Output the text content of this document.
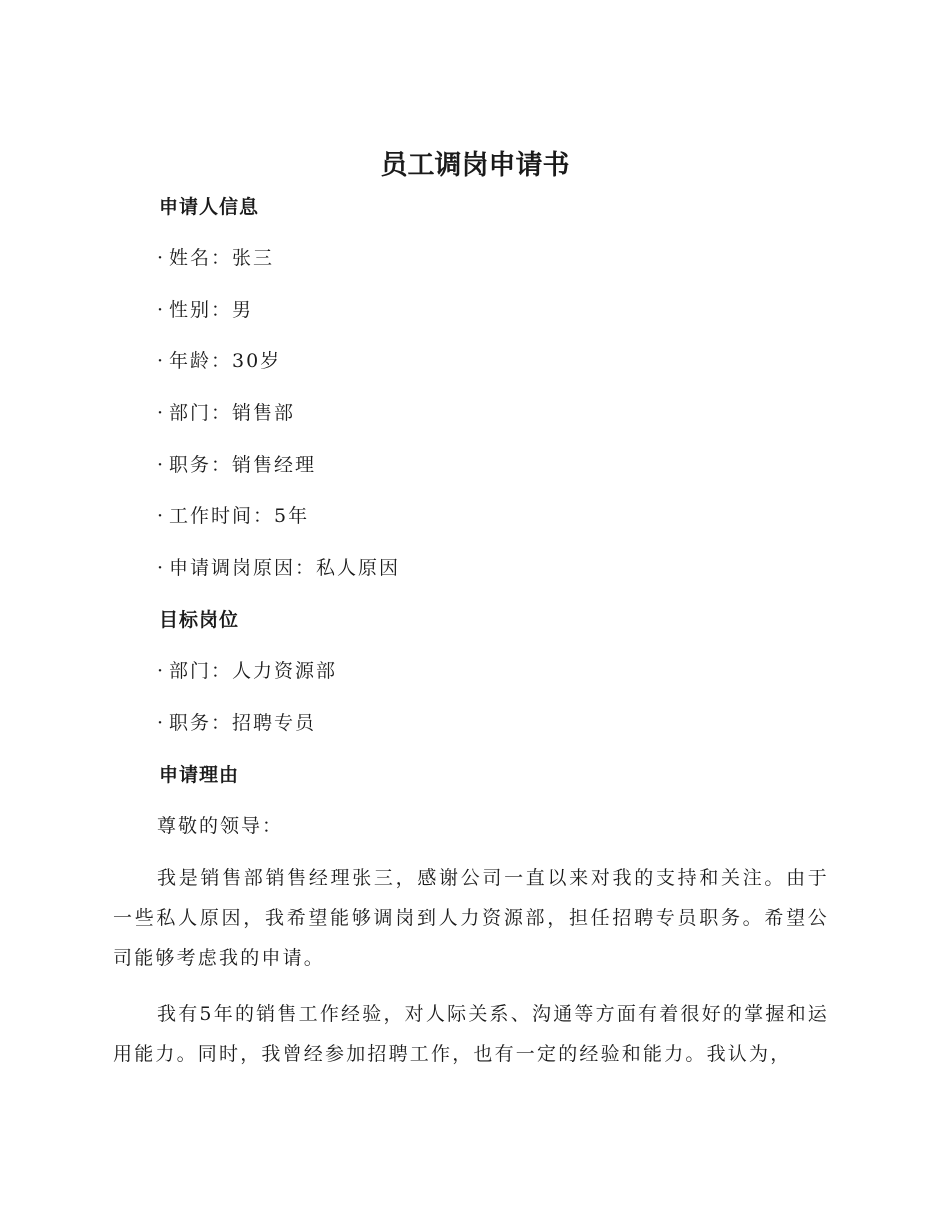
员工调岗申请书
申请人信息

· 姓名：张三

· 性别：男

· 年龄：30岁

· 部门：销售部

· 职务：销售经理

· 工作时间：5年

· 申请调岗原因：私人原因

目标岗位

· 部门：人力资源部

· 职务：招聘专员

申请理由

尊敬的领导：

我是销售部销售经理张三，感谢公司一直以来对我的支持和关注。由于一些私人原因，我希望能够调岗到人力资源部，担任招聘专员职务。希望公司能够考虑我的申请。

我有5年的销售工作经验，对人际关系、沟通等方面有着很好的掌握和运用能力。同时，我曾经参加招聘工作，也有一定的经验和能力。我认为，
